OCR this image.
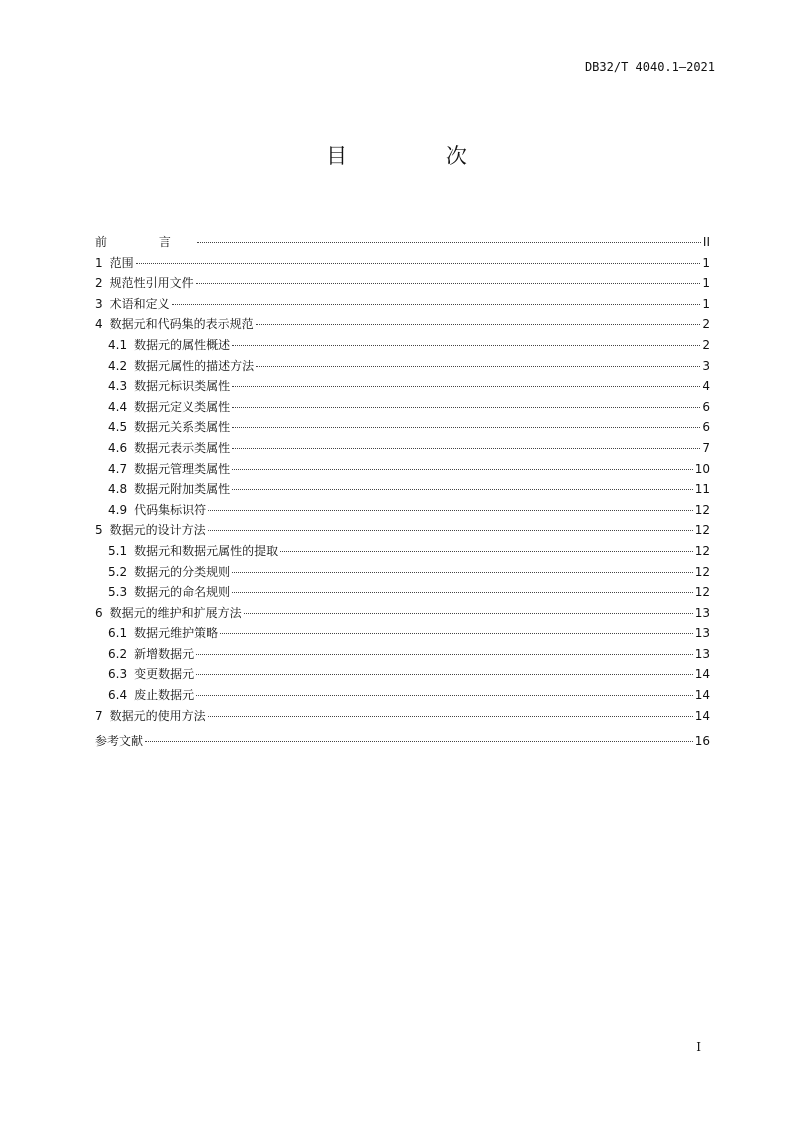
DB32/T 4040.1—2021
目 次
前 言	II
1 范围	1
2 规范性引用文件	1
3 术语和定义	1
4 数据元和代码集的表示规范	2
4.1 数据元的属性概述	2
4.2 数据元属性的描述方法	3
4.3 数据元标识类属性	4
4.4 数据元定义类属性	6
4.5 数据元关系类属性	6
4.6 数据元表示类属性	7
4.7 数据元管理类属性	10
4.8 数据元附加类属性	11
4.9 代码集标识符	12
5 数据元的设计方法	12
5.1 数据元和数据元属性的提取	12
5.2 数据元的分类规则	12
5.3 数据元的命名规则	12
6 数据元的维护和扩展方法	13
6.1 数据元维护策略	13
6.2 新增数据元	13
6.3 变更数据元	14
6.4 废止数据元	14
7 数据元的使用方法	14
参考文献	16
I
